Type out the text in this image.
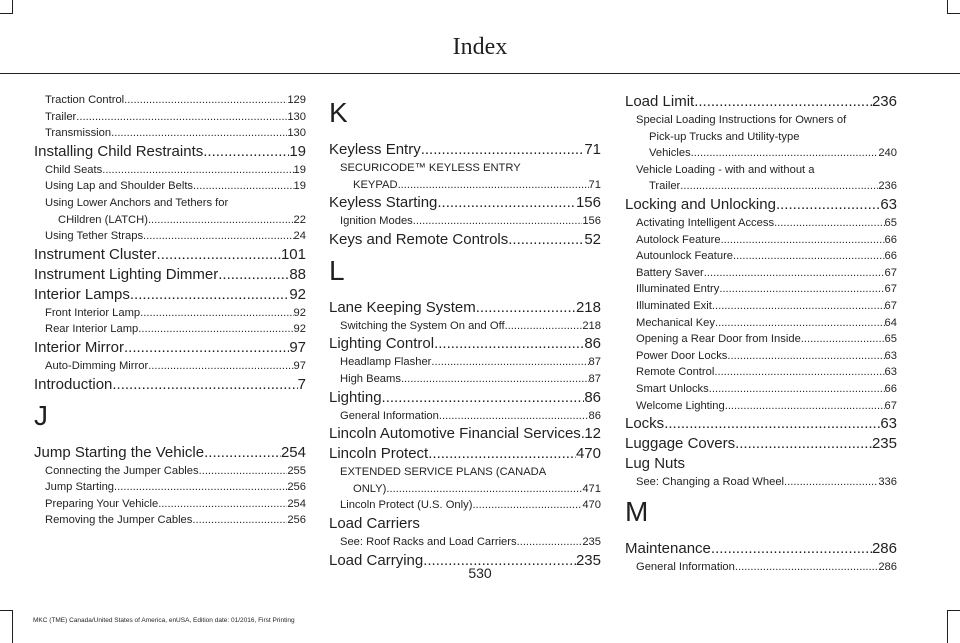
Index
Traction Control .....	129
Trailer .....	130
Transmission .....	130
Installing Child Restraints .....	19
Child Seats .....	19
Using Lap and Shoulder Belts .....	19
Using Lower Anchors and Tethers for
CHildren (LATCH) .....	22
Using Tether Straps .....	24
Instrument Cluster .....	101
Instrument Lighting Dimmer .....	88
Interior Lamps .....	92
Front Interior Lamp .....	92
Rear Interior Lamp .....	92
Interior Mirror .....	97
Auto-Dimming Mirror .....	97
Introduction .....	7
J
Jump Starting the Vehicle .....	254
Connecting the Jumper Cables .....	255
Jump Starting .....	256
Preparing Your Vehicle .....	254
Removing the Jumper Cables .....	256
K
Keyless Entry .....	71
SECURICODE™ KEYLESS ENTRY
KEYPAD .....	71
Keyless Starting .....	156
Ignition Modes .....	156
Keys and Remote Controls .....	52
L
Lane Keeping System .....	218
Switching the System On and Off .....	218
Lighting Control .....	86
Headlamp Flasher .....	87
High Beams .....	87
Lighting .....	86
General Information .....	86
Lincoln Automotive Financial Services ..... 12
Lincoln Protect .....	470
EXTENDED SERVICE PLANS (CANADA
ONLY) .....	471
Lincoln Protect (U.S. Only) .....	470
Load Carriers
See: Roof Racks and Load Carriers .....	235
Load Carrying .....	235
Load Limit .....	236
Special Loading Instructions for Owners of
Pick-up Trucks and Utility-type
Vehicles .....	240
Vehicle Loading - with and without a
Trailer .....	236
Locking and Unlocking .....	63
Activating Intelligent Access .....	65
Autolock Feature .....	66
Autounlock Feature .....	66
Battery Saver .....	67
Illuminated Entry .....	67
Illuminated Exit .....	67
Mechanical Key .....	64
Opening a Rear Door from Inside .....	65
Power Door Locks .....	63
Remote Control .....	63
Smart Unlocks .....	66
Welcome Lighting .....	67
Locks .....	63
Luggage Covers .....	235
Lug Nuts
See: Changing a Road Wheel .....	336
M
Maintenance .....	286
General Information .....	286
530
MKC (TME) Canada/United States of America, enUSA, Edition date: 01/2016, First Printing
